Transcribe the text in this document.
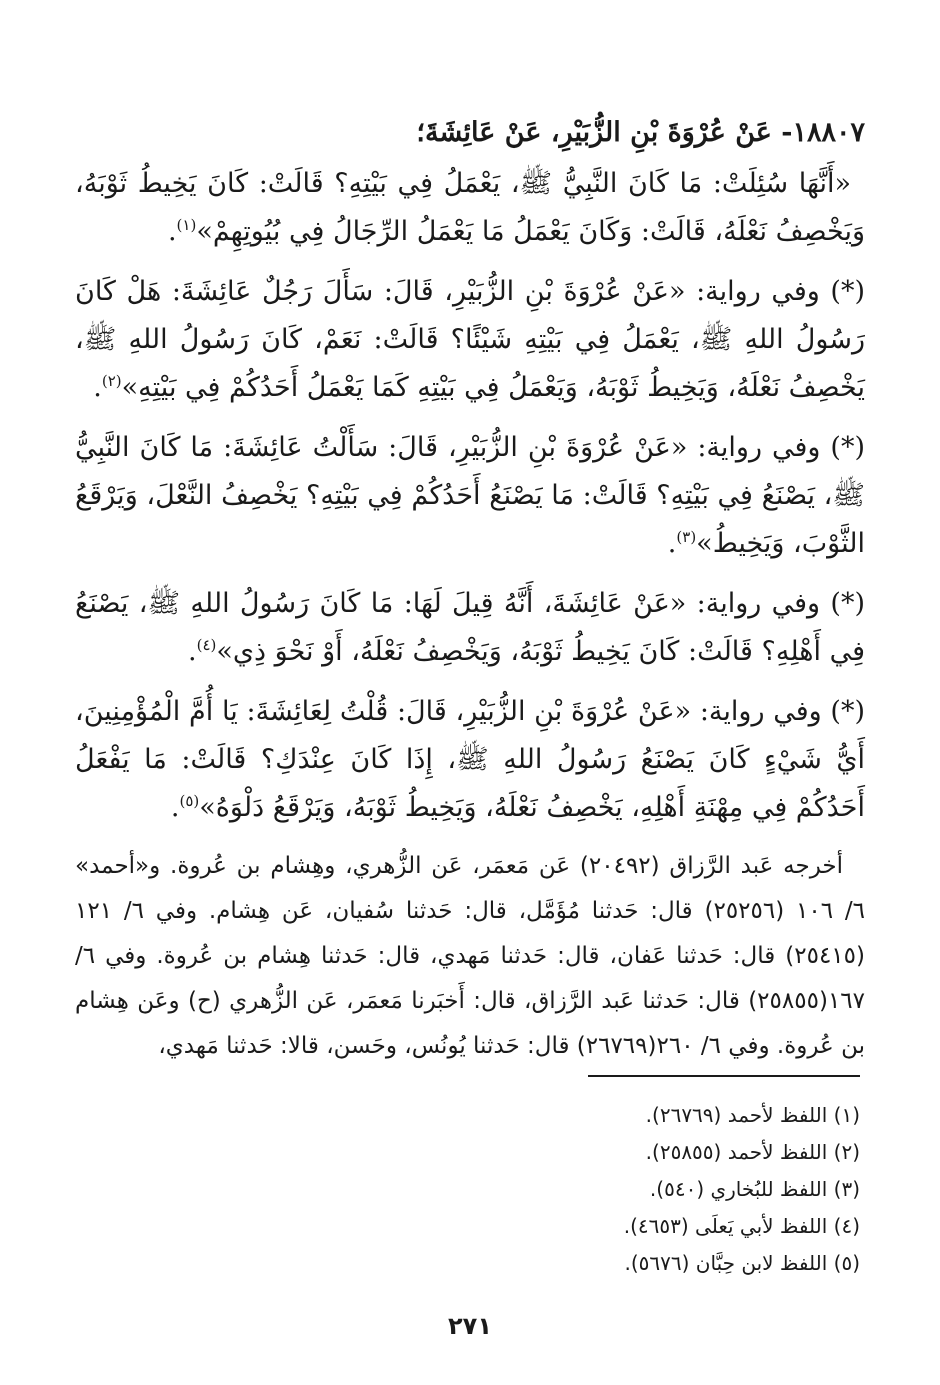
١٨٨٠٧- عَنْ عُرْوَةَ بْنِ الزُّبَيْرِ، عَنْ عَائِشَةَ؛

«أَنَّهَا سُئِلَتْ: مَا كَانَ النَّبِيُّ ﷺ، يَعْمَلُ فِي بَيْتِهِ؟ قَالَتْ: كَانَ يَخِيطُ ثَوْبَهُ، وَيَخْصِفُ نَعْلَهُ، قَالَتْ: وَكَانَ يَعْمَلُ مَا يَعْمَلُ الرِّجَالُ فِي بُيُوتِهِمْ»$^{(١)}$.

(*) وفي رواية: «عَنْ عُرْوَةَ بْنِ الزُّبَيْرِ، قَالَ: سَأَلَ رَجُلٌ عَائِشَةَ: هَلْ كَانَ رَسُولُ اللهِ ﷺ، يَعْمَلُ فِي بَيْتِهِ شَيْئًا؟ قَالَتْ: نَعَمْ، كَانَ رَسُولُ اللهِ ﷺ، يَخْصِفُ نَعْلَهُ، وَيَخِيطُ ثَوْبَهُ، وَيَعْمَلُ فِي بَيْتِهِ كَمَا يَعْمَلُ أَحَدُكُمْ فِي بَيْتِهِ»$^{(٢)}$.

(*) وفي رواية: «عَنْ عُرْوَةَ بْنِ الزُّبَيْرِ، قَالَ: سَأَلْتُ عَائِشَةَ: مَا كَانَ النَّبِيُّ ﷺ، يَصْنَعُ فِي بَيْتِهِ؟ قَالَتْ: مَا يَصْنَعُ أَحَدُكُمْ فِي بَيْتِهِ؟ يَخْصِفُ النَّعْلَ، وَيَرْقَعُ الثَّوْبَ، وَيَخِيطُ»$^{(٣)}$.

(*) وفي رواية: «عَنْ عَائِشَةَ، أَنَّهُ قِيلَ لَهَا: مَا كَانَ رَسُولُ اللهِ ﷺ، يَصْنَعُ فِي أَهْلِهِ؟ قَالَتْ: كَانَ يَخِيطُ ثَوْبَهُ، وَيَخْصِفُ نَعْلَهُ، أَوْ نَحْوَ ذِي»$^{(٤)}$.

(*) وفي رواية: «عَنْ عُرْوَةَ بْنِ الزُّبَيْرِ، قَالَ: قُلْتُ لِعَائِشَةَ: يَا أُمَّ الْمُؤْمِنِينَ، أَيُّ شَيْءٍ كَانَ يَصْنَعُ رَسُولُ اللهِ ﷺ، إِذَا كَانَ عِنْدَكِ؟ قَالَتْ: مَا يَفْعَلُ أَحَدُكُمْ فِي مِهْنَةِ أَهْلِهِ، يَخْصِفُ نَعْلَهُ، وَيَخِيطُ ثَوْبَهُ، وَيَرْقَعُ دَلْوَهُ»$^{(٥)}$.

أخرجه عَبد الرَّزاق (٢٠٤٩٢) عَن مَعمَر، عَن الزُّهري، وهِشام بن عُروة. و«أحمد» ٦/ ١٠٦ (٢٥٢٥٦) قال: حَدثنا مُؤَمَّل، قال: حَدثنا سُفيان، عَن هِشام. وفي ٦/ ١٢١ (٢٥٤١٥) قال: حَدثنا عَفان، قال: حَدثنا مَهدي، قال: حَدثنا هِشام بن عُروة. وفي ٦/ ١٦٧(٢٥٨٥٥) قال: حَدثنا عَبد الرَّزاق، قال: أَخبَرنا مَعمَر، عَن الزُّهري (ح) وعَن هِشام بن عُروة. وفي ٦/ ٢٦٠(٢٦٧٦٩) قال: حَدثنا يُونُس، وحَسن، قالا: حَدثنا مَهدي،

(١) اللفظ لأحمد (٢٦٧٦٩).
(٢) اللفظ لأحمد (٢٥٨٥٥).
(٣) اللفظ للبُخاري (٥٤٠).
(٤) اللفظ لأبي يَعلَى (٤٦٥٣).
(٥) اللفظ لابن حِبَّان (٥٦٧٦).
٢٧١
